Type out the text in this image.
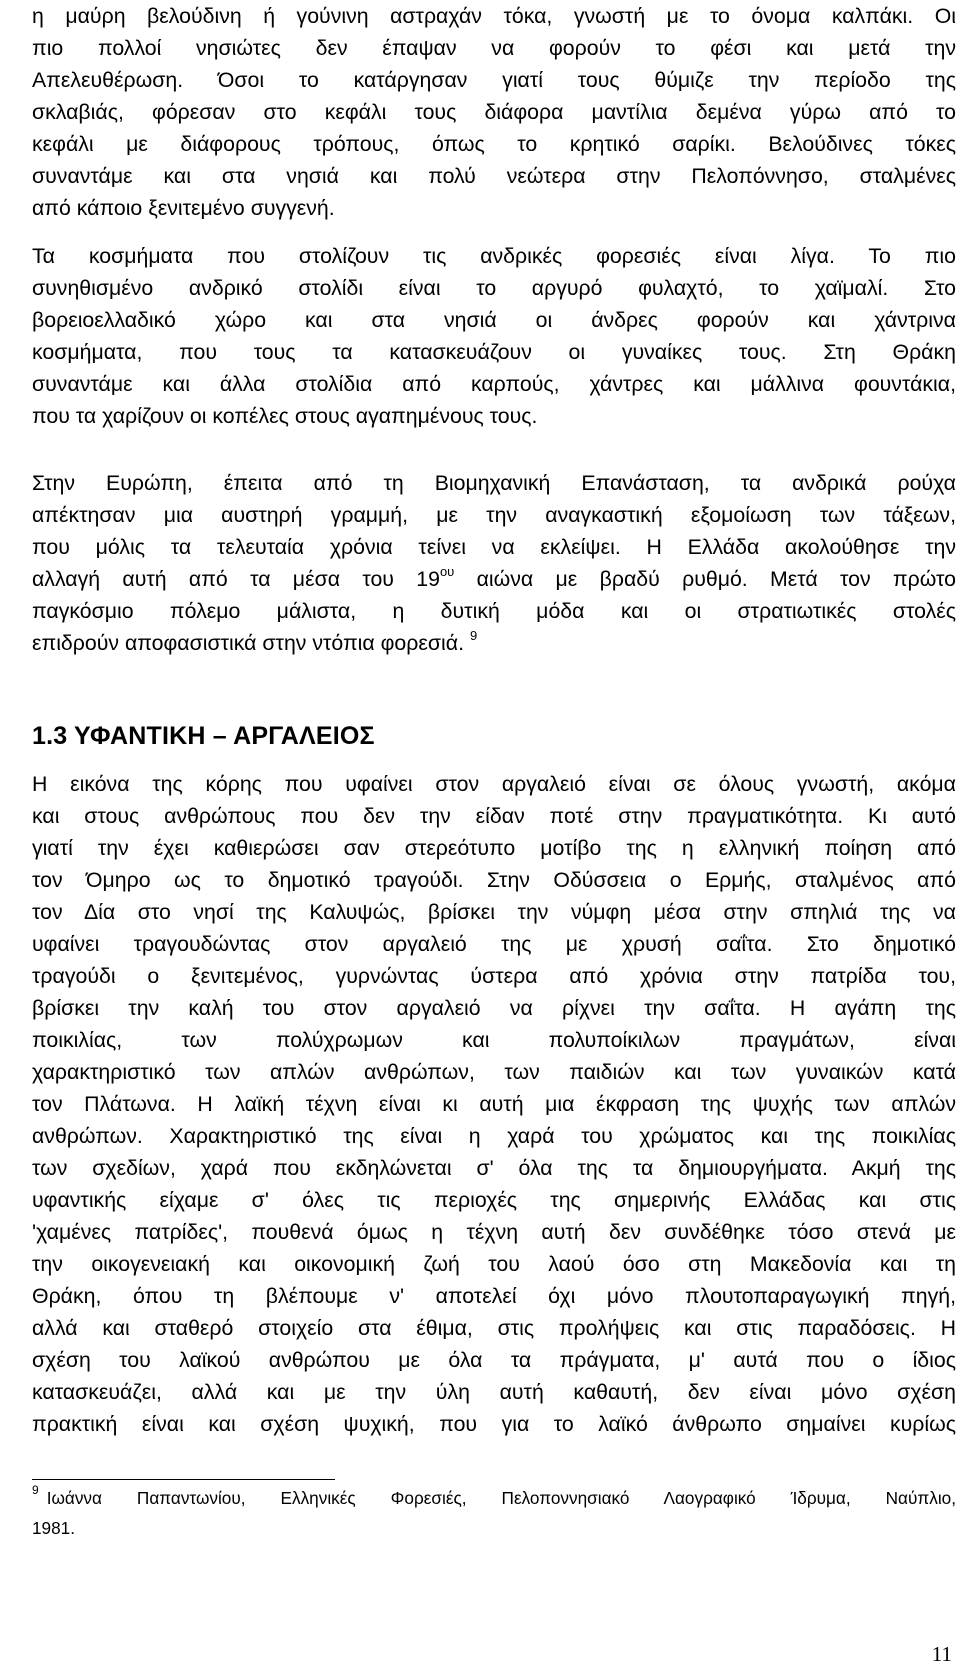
η μαύρη βελούδινη ή γούνινη αστραχάν τόκα, γνωστή με το όνομα καλπάκι. Οι
πιο πολλοί νησιώτες δεν έπαψαν να φορούν το φέσι και μετά την
Απελευθέρωση. Όσοι το κατάργησαν γιατί τους θύμιζε την περίοδο της
σκλαβιάς, φόρεσαν στο κεφάλι τους διάφορα μαντίλια δεμένα γύρω από το
κεφάλι με διάφορους τρόπους, όπως το κρητικό σαρίκι. Βελούδινες τόκες
συναντάμε και στα νησιά και πολύ νεώτερα στην Πελοπόννησο, σταλμένες
από κάποιο ξενιτεμένο συγγενή.
Τα κοσμήματα που στολίζουν τις ανδρικές φορεσιές είναι λίγα. Το πιο
συνηθισμένο ανδρικό στολίδι είναι το αργυρό φυλαχτό, το χαϊμαλί. Στο
βορειοελλαδικό χώρο και στα νησιά οι άνδρες φορούν και χάντρινα
κοσμήματα, που τους τα κατασκευάζουν οι γυναίκες τους. Στη Θράκη
συναντάμε και άλλα στολίδια από καρπούς, χάντρες και μάλλινα φουντάκια,
που τα χαρίζουν οι κοπέλες στους αγαπημένους τους.
Στην Ευρώπη, έπειτα από τη Βιομηχανική Επανάσταση, τα ανδρικά ρούχα
απέκτησαν μια αυστηρή γραμμή, με την αναγκαστική εξομοίωση των τάξεων,
που μόλις τα τελευταία χρόνια τείνει να εκλείψει. Η Ελλάδα ακολούθησε την
αλλαγή αυτή από τα μέσα του $19^{o\upsilon}$ αιώνα με βραδύ ρυθμό. Μετά τον πρώτο
παγκόσμιο πόλεμο μάλιστα, η δυτική μόδα και οι στρατιωτικές στολές
επιδρούν αποφασιστικά στην ντόπια φορεσιά. $^9$
1.3 ΥΦΑΝΤΙΚΗ – ΑΡΓΑΛΕΙΟΣ
Η εικόνα της κόρης που υφαίνει στον αργαλειό είναι σε όλους γνωστή, ακόμα
και στους ανθρώπους που δεν την είδαν ποτέ στην πραγματικότητα. Κι αυτό
γιατί την έχει καθιερώσει σαν στερεότυπο μοτίβο της η ελληνική ποίηση από
τον Όμηρο ως το δημοτικό τραγούδι. Στην Οδύσσεια ο Ερμής, σταλμένος από
τον Δία στο νησί της Καλυψώς, βρίσκει την νύμφη μέσα στην σπηλιά της να
υφαίνει τραγουδώντας στον αργαλειό της με χρυσή σαΐτα. Στο δημοτικό
τραγούδι ο ξενιτεμένος, γυρνώντας ύστερα από χρόνια στην πατρίδα του,
βρίσκει την καλή του στον αργαλειό να ρίχνει την σαΐτα. Η αγάπη της
ποικιλίας, των πολύχρωμων και πολυποίκιλων πραγμάτων, είναι
χαρακτηριστικό των απλών ανθρώπων, των παιδιών και των γυναικών κατά
τον Πλάτωνα. Η λαϊκή τέχνη είναι κι αυτή μια έκφραση της ψυχής των απλών
ανθρώπων. Χαρακτηριστικό της είναι η χαρά του χρώματος και της ποικιλίας
των σχεδίων, χαρά που εκδηλώνεται σ' όλα της τα δημιουργήματα. Ακμή της
υφαντικής είχαμε σ' όλες τις περιοχές της σημερινής Ελλάδας και στις
'χαμένες πατρίδες', πουθενά όμως η τέχνη αυτή δεν συνδέθηκε τόσο στενά με
την οικογενειακή και οικονομική ζωή του λαού όσο στη Μακεδονία και τη
Θράκη, όπου τη βλέπουμε ν' αποτελεί όχι μόνο πλουτοπαραγωγική πηγή,
αλλά και σταθερό στοιχείο στα έθιμα, στις προλήψεις και στις παραδόσεις. Η
σχέση του λαϊκού ανθρώπου με όλα τα πράγματα, μ' αυτά που ο ίδιος
κατασκευάζει, αλλά και με την ύλη αυτή καθαυτή, δεν είναι μόνο σχέση
πρακτική είναι και σχέση ψυχική, που για το λαϊκό άνθρωπο σημαίνει κυρίως
$^9$ Ιωάννα Παπαντωνίου, Ελληνικές Φορεσιές, Πελοποννησιακό Λαογραφικό Ίδρυμα, Ναύπλιο,
1981.
11
